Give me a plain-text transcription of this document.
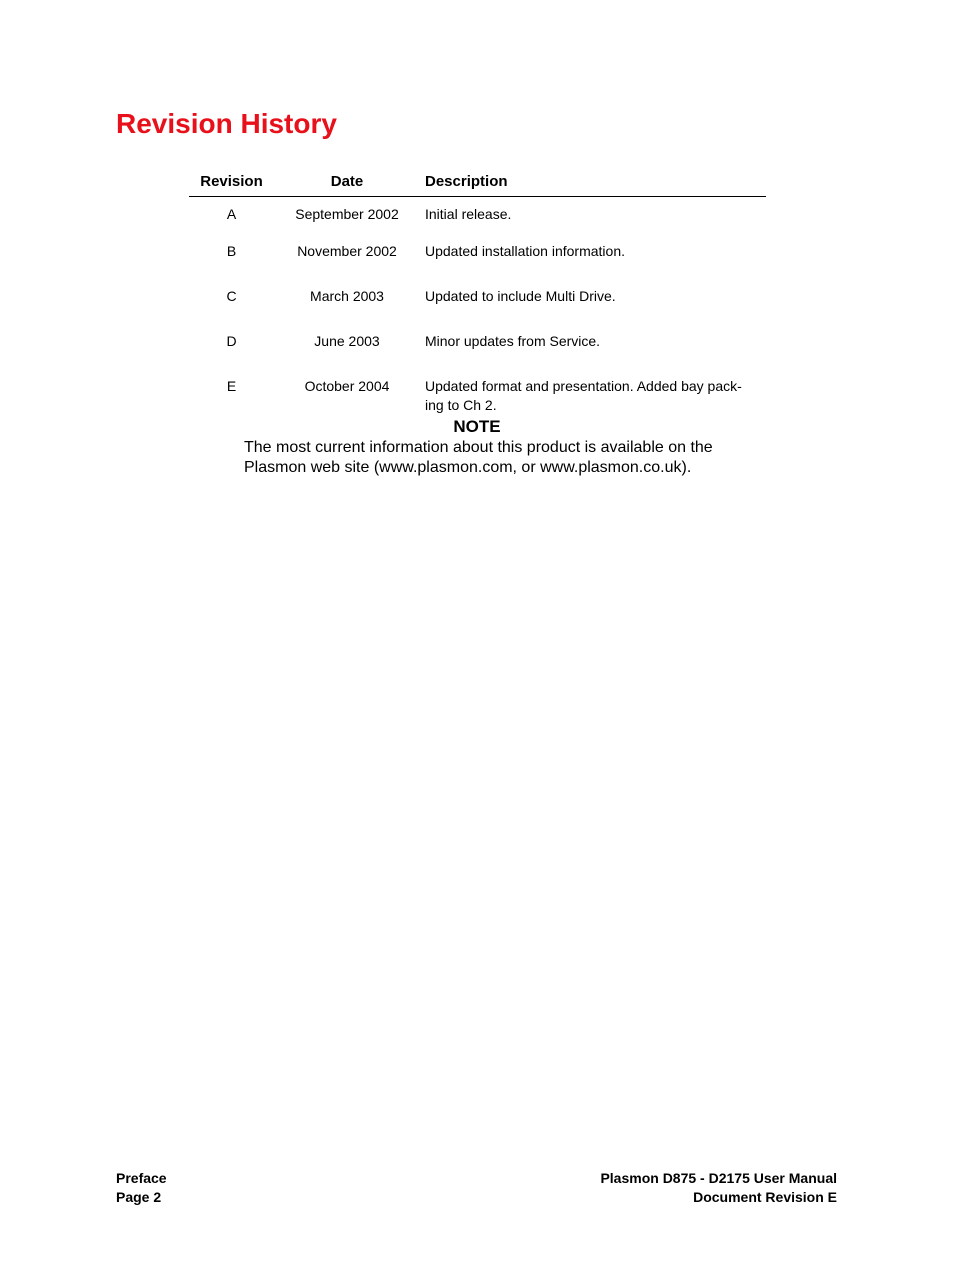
Revision History
Revision	Date	Description
A	September 2002	Initial release.
B	November 2002	Updated installation information.
C	March 2003	Updated to include Multi Drive.
D	June 2003	Minor updates from Service.
E	October 2004	Updated format and presentation. Added bay pack-
ing to Ch 2.

NOTE

The most current information about this product is available on the
Plasmon web site (www.plasmon.com, or www.plasmon.co.uk).
Preface
Page 2
Plasmon D875 - D2175 User Manual
Document Revision E
